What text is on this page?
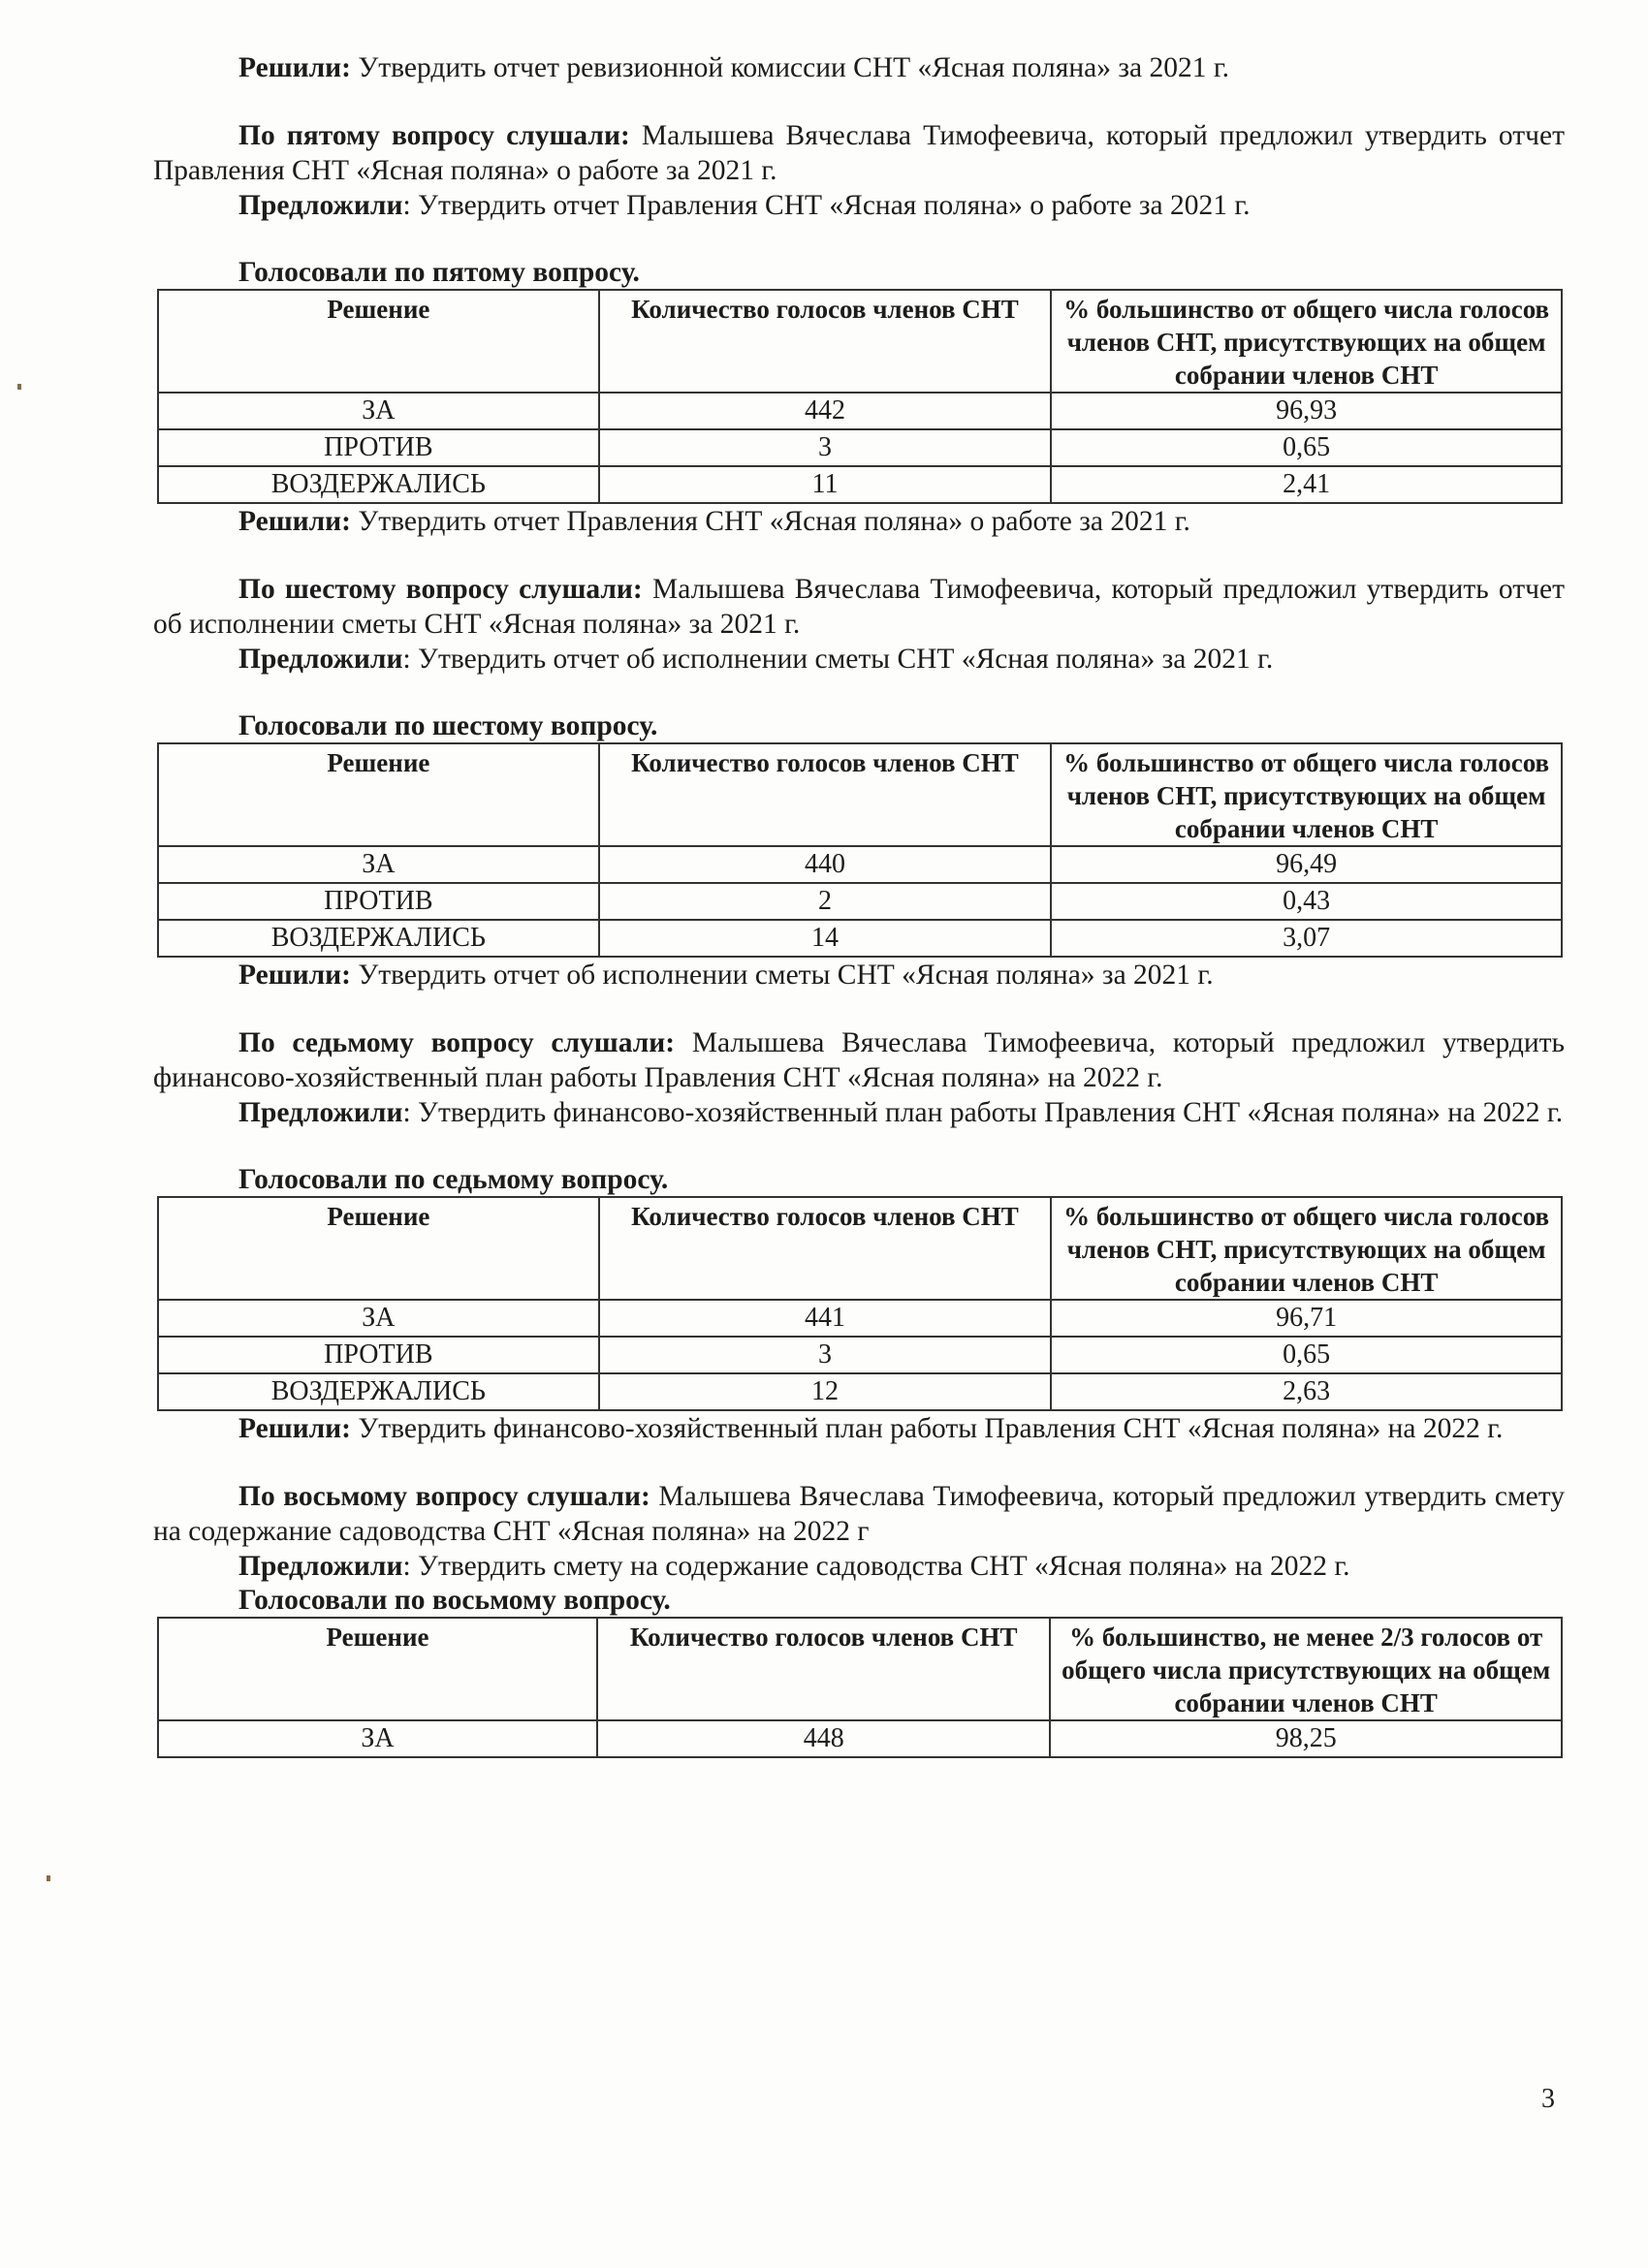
Решили: Утвердить отчет ревизионной комиссии СНТ «Ясная поляна» за 2021 г.

По пятому вопросу слушали: Малышева Вячеслава Тимофеевича, который предложил утвердить отчет Правления СНТ «Ясная поляна» о работе за 2021 г.

Предложили: Утвердить отчет Правления СНТ «Ясная поляна» о работе за 2021 г.

Голосовали по пятому вопросу.

Решение	Количество голосов членов СНТ	% большинство от общего числа голосов членов СНТ, присутствующих на общем собрании членов СНТ
ЗА	442	96,93
ПРОТИВ	3	0,65
ВОЗДЕРЖАЛИСЬ	11	2,41

Решили: Утвердить отчет Правления СНТ «Ясная поляна» о работе за 2021 г.

По шестому вопросу слушали: Малышева Вячеслава Тимофеевича, который предложил утвердить отчет об исполнении сметы СНТ «Ясная поляна» за 2021 г.

Предложили: Утвердить отчет об исполнении сметы СНТ «Ясная поляна» за 2021 г.

Голосовали по шестому вопросу.

Решение	Количество голосов членов СНТ	% большинство от общего числа голосов членов СНТ, присутствующих на общем собрании членов СНТ
ЗА	440	96,49
ПРОТИВ	2	0,43
ВОЗДЕРЖАЛИСЬ	14	3,07

Решили: Утвердить отчет об исполнении сметы СНТ «Ясная поляна» за 2021 г.

По седьмому вопросу слушали: Малышева Вячеслава Тимофеевича, который предложил утвердить финансово-хозяйственный план работы Правления СНТ «Ясная поляна» на 2022 г.

Предложили: Утвердить финансово-хозяйственный план работы Правления СНТ «Ясная поляна» на 2022 г.

Голосовали по седьмому вопросу.

Решение	Количество голосов членов СНТ	% большинство от общего числа голосов членов СНТ, присутствующих на общем собрании членов СНТ
ЗА	441	96,71
ПРОТИВ	3	0,65
ВОЗДЕРЖАЛИСЬ	12	2,63

Решили: Утвердить финансово-хозяйственный план работы Правления СНТ «Ясная поляна» на 2022 г.

По восьмому вопросу слушали: Малышева Вячеслава Тимофеевича, который предложил утвердить смету на содержание садоводства СНТ «Ясная поляна» на 2022 г

Предложили: Утвердить смету на содержание садоводства СНТ «Ясная поляна» на 2022 г.

Голосовали по восьмому вопросу.

Решение	Количество голосов членов СНТ	% большинство, не менее 2/3 голосов от общего числа присутствующих на общем собрании членов СНТ
ЗА	448	98,25
3
